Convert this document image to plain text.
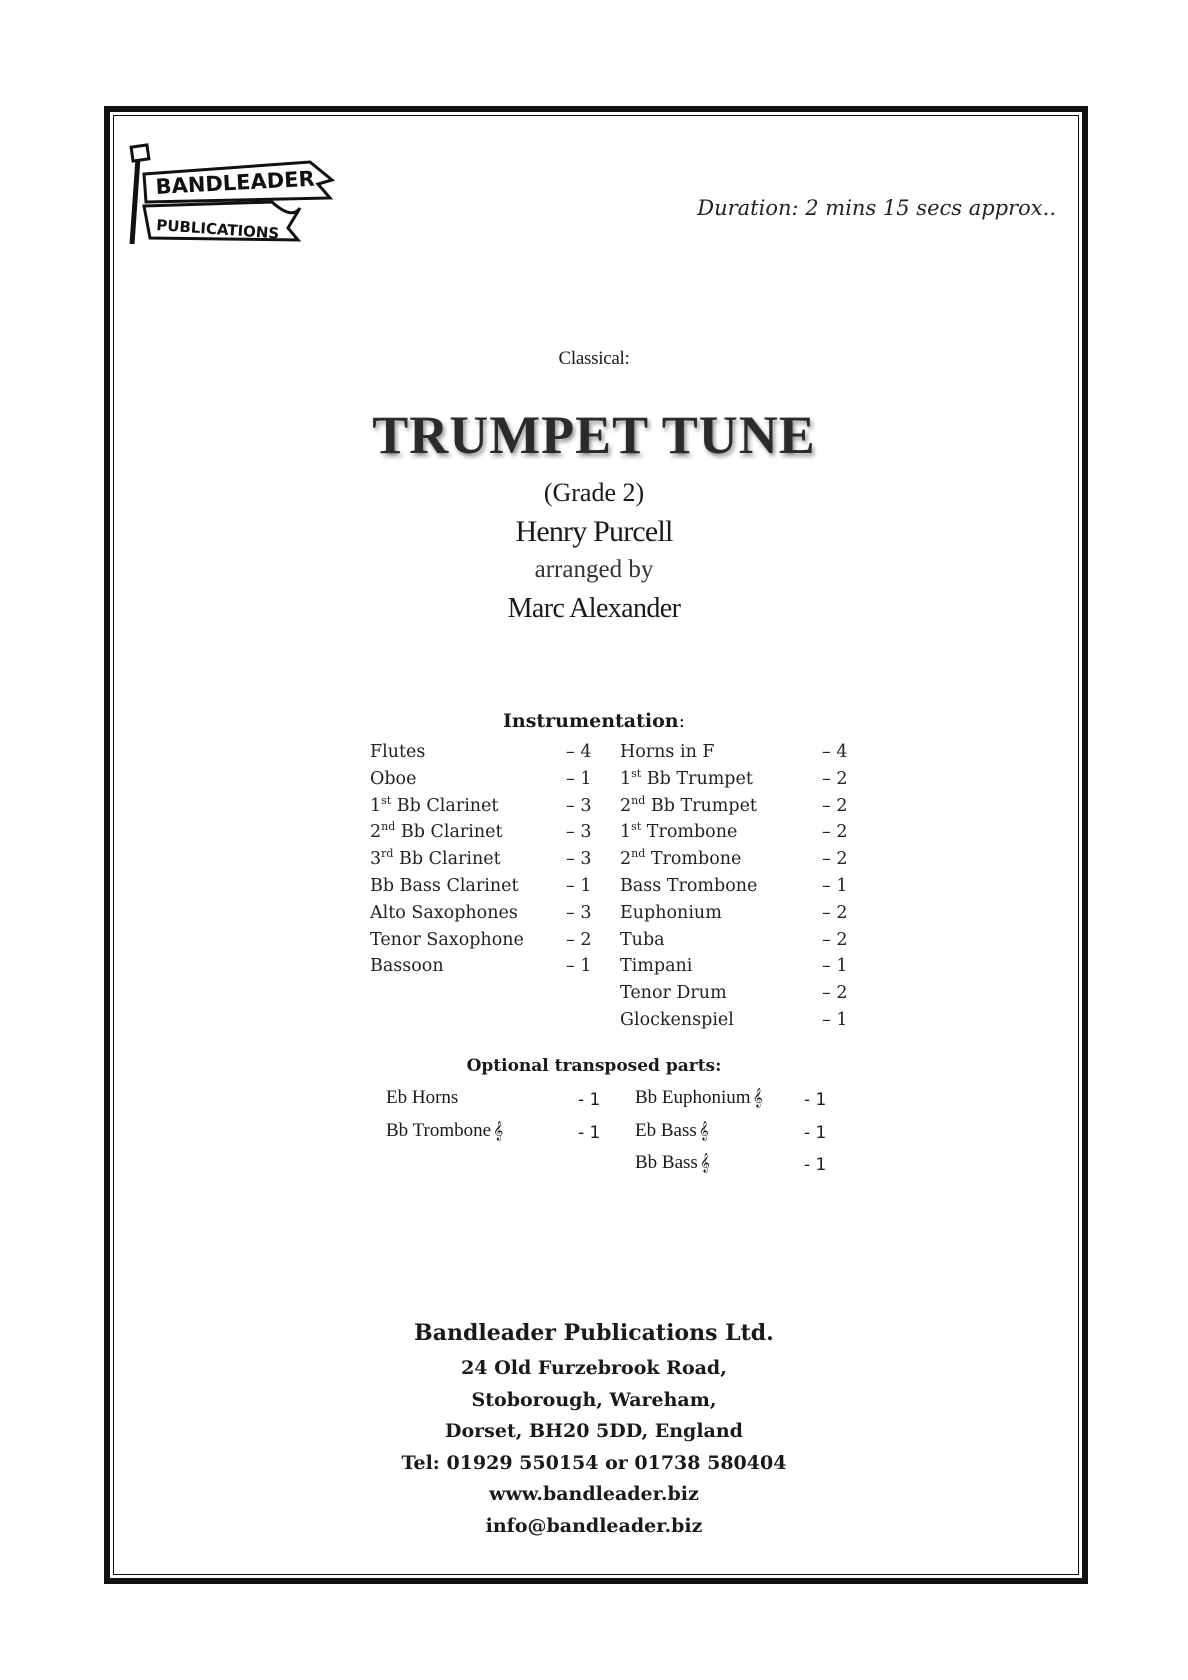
BANDLEADER
PUBLICATIONS
Duration: 2 mins 15 secs approx..
Classical:
TRUMPET TUNE
(Grade 2)
Henry Purcell
arranged by
Marc Alexander
Instrumentation:
Flutes	– 4
Oboe	– 1
1st Bb Clarinet	– 3
2nd Bb Clarinet	– 3
3rd Bb Clarinet	– 3
Bb Bass Clarinet	– 1
Alto Saxophones	– 3
Tenor Saxophone – 2
Bassoon	– 1
Horns in F	– 4
1st Bb Trumpet	– 2
2nd Bb Trumpet	– 2
1st Trombone	– 2
2nd Trombone	– 2
Bass Trombone	– 1
Euphonium	– 2
Tuba	– 2
Timpani	– 1
Tenor Drum	– 2
Glockenspiel	– 1
Optional transposed parts:
Eb Horns	- 1
Bb Trombone 𝄞	- 1
Bb Euphonium 𝄞 - 1
Eb Bass 𝄞	- 1
Bb Bass 𝄞	- 1
Bandleader Publications Ltd.
24 Old Furzebrook Road,
Stoborough, Wareham,
Dorset, BH20 5DD, England
Tel: 01929 550154 or 01738 580404
www.bandleader.biz
info@bandleader.biz
